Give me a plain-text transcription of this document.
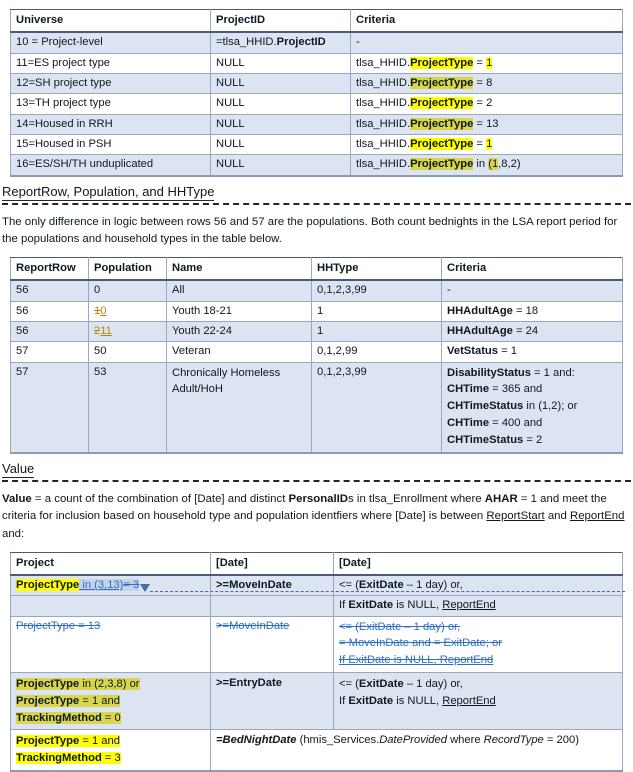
Universe	ProjectID	Criteria
10 = Project-level	=tlsa_HHID.ProjectID	-
11=ES project type	NULL	tlsa_HHID.ProjectType = 1
12=SH project type	NULL	tlsa_HHID.ProjectType = 8
13=TH project type	NULL	tlsa_HHID.ProjectType = 2
14=Housed in RRH	NULL	tlsa_HHID.ProjectType = 13
15=Housed in PSH	NULL	tlsa_HHID.ProjectType = 1
16=ES/SH/TH unduplicated	NULL	tlsa_HHID.ProjectType in (1,8,2)
ReportRow, Population, and HHType

The only difference in logic between rows 56 and 57 are the populations. Both count bednights in the LSA report period for the populations and household types in the table below.

ReportRow	Population	Name	HHType	Criteria
56	0	All	0,1,2,3,99	-
56	10	Youth 18-21	1	HHAdultAge = 18
56	211	Youth 22-24	1	HHAdultAge = 24
57	50	Veteran	0,1,2,99	VetStatus = 1
57	53	Chronically Homeless Adult/HoH	0,1,2,3,99	DisabilityStatus = 1 and:
CHTime = 365 and
CHTimeStatus in (1,2); or
CHTime = 400 and
CHTimeStatus = 2
Value

Value = a count of the combination of [Date] and distinct PersonalIDs in tlsa_Enrollment where AHAR = 1 and meet the criteria for inclusion based on household type and population identfiers where [Date] is between ReportStart and ReportEnd and:

Project	[Date]	[Date]
ProjectType in (3,13)= 3	>=MoveInDate	<= (ExitDate – 1 day) or,
		If ExitDate is NULL, ReportEnd
ProjectType = 13	>=MoveInDate	<= (ExitDate – 1 day) or,
= MoveInDate and = ExitDate; or
If ExitDate is NULL, ReportEnd

ProjectType in (2,3,8) or
ProjectType = 1 and
TrackingMethod = 0	>=EntryDate	<= (ExitDate – 1 day) or,
If ExitDate is NULL, ReportEnd

ProjectType = 1 and
TrackingMethod = 3	=BedNightDate (hmis_Services.DateProvided where RecordType = 200)	
